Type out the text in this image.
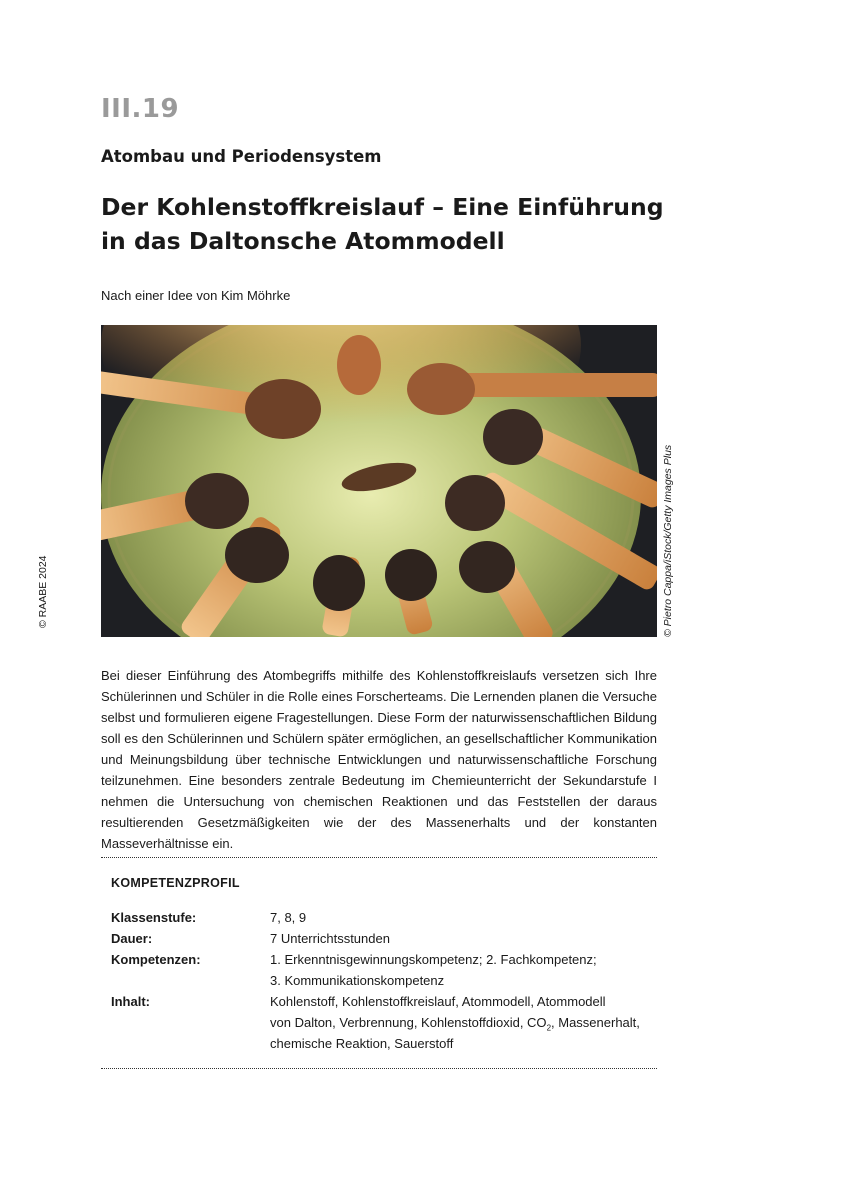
III.19
Atombau und Periodensystem
Der Kohlenstoffkreislauf – Eine Einführung in das Daltonsche Atommodell
Nach einer Idee von Kim Möhrke
© Pietro Cappa/iStock/Getty Images Plus
© RAABE 2024

Bei dieser Einführung des Atombegriffs mithilfe des Kohlenstoffkreislaufs versetzen sich Ihre Schülerinnen und Schüler in die Rolle eines Forscherteams. Die Lernenden planen die Versuche selbst und formulieren eigene Fragestellungen. Diese Form der naturwissenschaftlichen Bildung soll es den Schülerinnen und Schülern später ermöglichen, an gesellschaftlicher Kommunikation und Meinungsbildung über technische Entwicklungen und naturwissenschaftliche Forschung teilzunehmen. Eine besonders zentrale Bedeutung im Chemieunterricht der Sekundarstufe I nehmen die Untersuchung von chemischen Reaktionen und das Feststellen der daraus resultierenden Gesetzmäßigkeiten wie der des Massenerhalts und der konstanten Masseverhältnisse ein.

KOMPETENZPROFIL
Klassenstufe:	7, 8, 9

Dauer:	7 Unterrichtsstunden

Kompetenzen:	1. Erkenntnisgewinnungskompetenz; 2. Fachkompetenz;
3. Kommunikationskompetenz

Inhalt:	Kohlenstoff, Kohlenstoffkreislauf, Atommodell, Atommodell
von Dalton, Verbrennung, Kohlenstoffdioxid, $CO_2$, Massenerhalt,
chemische Reaktion, Sauerstoff
